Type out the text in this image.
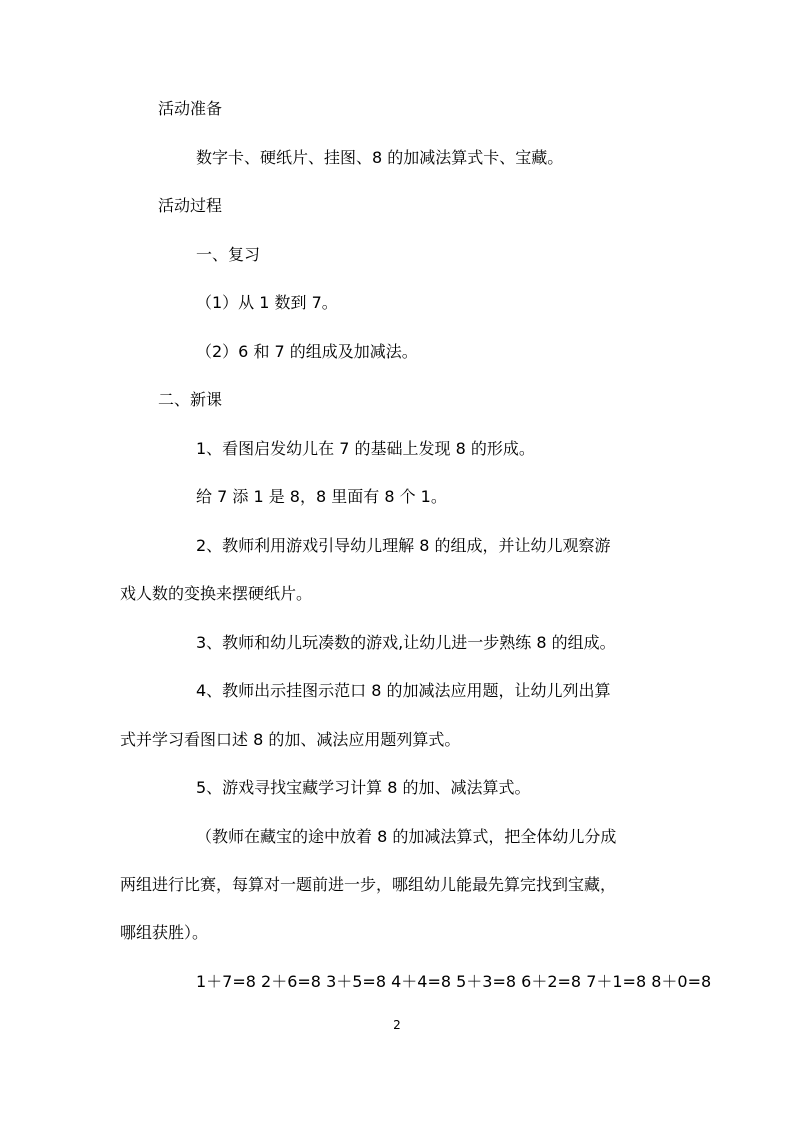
活动准备
数字卡、硬纸片、挂图、8 的加减法算式卡、宝藏。
活动过程
一、复习
（1）从 1 数到 7。
（2）6 和 7 的组成及加减法。
二、新课
1、看图启发幼儿在 7 的基础上发现 8 的形成。
给 7 添 1 是 8，8 里面有 8 个 1。
2、教师利用游戏引导幼儿理解 8 的组成，并让幼儿观察游
戏人数的变换来摆硬纸片。
3、教师和幼儿玩凑数的游戏,让幼儿进一步熟练 8 的组成。
4、教师出示挂图示范口 8 的加减法应用题，让幼儿列出算
式并学习看图口述 8 的加、减法应用题列算式。
5、游戏寻找宝藏学习计算 8 的加、减法算式。
（教师在藏宝的途中放着 8 的加减法算式，把全体幼儿分成
两组进行比赛，每算对一题前进一步，哪组幼儿能最先算完找到宝藏，
哪组获胜）。
1＋7=8 2＋6=8 3＋5=8 4＋4=8 5＋3=8 6＋2=8 7＋1=8 8＋0=8
2
